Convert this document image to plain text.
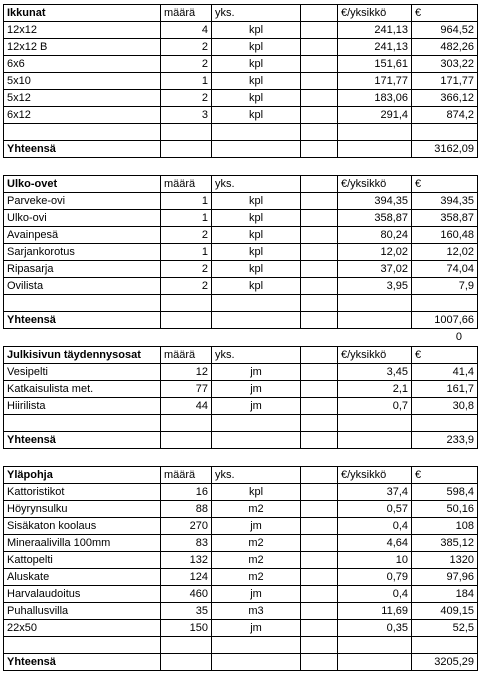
Ikkunat	määrä	yks.		€/yksikkö	€
12x12	4	kpl		241,13	964,52
12x12 B	2	kpl		241,13	482,26
6x6	2	kpl		151,61	303,22
5x10	1	kpl		171,77	171,77
5x12	2	kpl		183,06	366,12
6x12	3	kpl		291,4	874,2

Yhteensä					3162,09
Ulko-ovet	määrä	yks.		€/yksikkö	€
Parveke-ovi	1	kpl		394,35	394,35
Ulko-ovi	1	kpl		358,87	358,87
Avainpesä	2	kpl		80,24	160,48
Sarjankorotus	1	kpl		12,02	12,02
Ripasarja	2	kpl		37,02	74,04
Ovilista	2	kpl		3,95	7,9

Yhteensä					1007,66
0
Julkisivun täydennysosat	määrä	yks.		€/yksikkö	€
Vesipelti	12	jm		3,45	41,4
Katkaisulista met.	77	jm		2,1	161,7
Hiirilista	44	jm		0,7	30,8

Yhteensä					233,9
Yläpohja	määrä	yks.		€/yksikkö	€
Kattoristikot	16	kpl		37,4	598,4
Höyrynsulku	88	m2		0,57	50,16
Sisäkaton koolaus	270	jm		0,4	108
Mineraalivilla 100mm	83	m2		4,64	385,12
Kattopelti	132	m2		10	1320
Aluskate	124	m2		0,79	97,96
Harvalaudoitus	460	jm		0,4	184
Puhallusvilla	35	m3		11,69	409,15
22x50	150	jm		0,35	52,5

Yhteensä					3205,29
